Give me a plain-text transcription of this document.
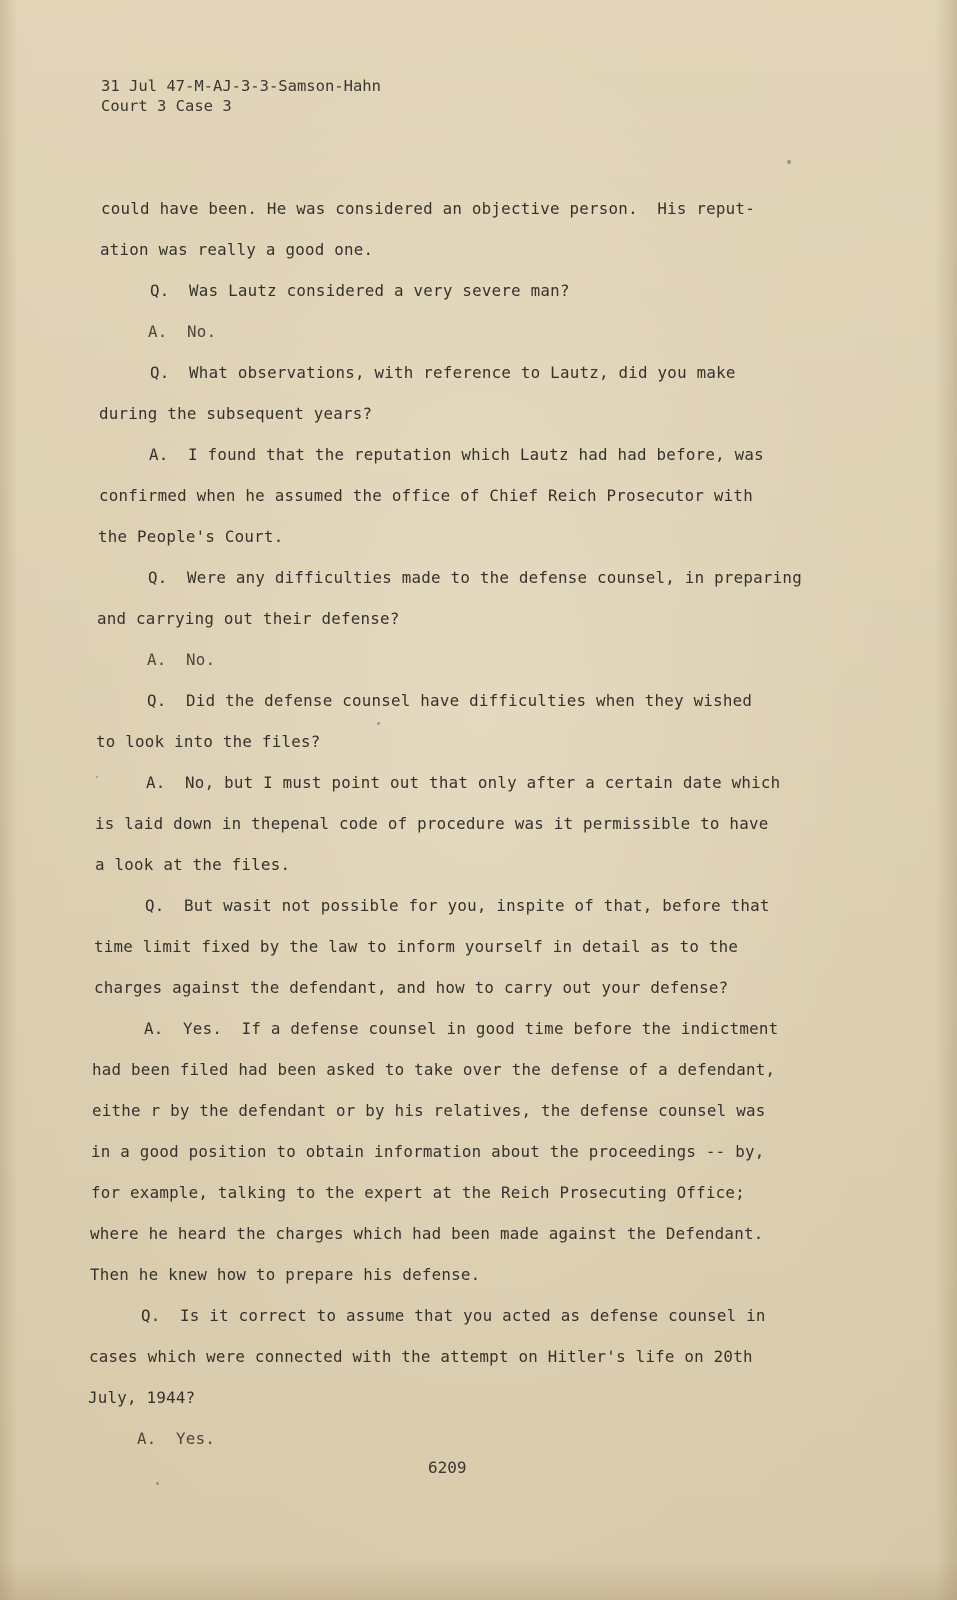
31 Jul 47-M-AJ-3-3-Samson-Hahn
Court 3 Case 3
could have been. He was considered an objective person.  His reput-
ation was really a good one.
Q.  Was Lautz considered a very severe man?
A.  No.
Q.  What observations, with reference to Lautz, did you make
during the subsequent years?
A.  I found that the reputation which Lautz had had before, was
confirmed when he assumed the office of Chief Reich Prosecutor with
the People's Court.
Q.  Were any difficulties made to the defense counsel, in preparing
and carrying out their defense?
A.  No.
Q.  Did the defense counsel have difficulties when they wished
to look into the files?
A.  No, but I must point out that only after a certain date which
is laid down in thepenal code of procedure was it permissible to have
a look at the files.
Q.  But wasit not possible for you, inspite of that, before that
time limit fixed by the law to inform yourself in detail as to the
charges against the defendant, and how to carry out your defense?
A.  Yes.  If a defense counsel in good time before the indictment
had been filed had been asked to take over the defense of a defendant,
eithe r by the defendant or by his relatives, the defense counsel was
in a good position to obtain information about the proceedings -- by,
for example, talking to the expert at the Reich Prosecuting Office;
where he heard the charges which had been made against the Defendant.
Then he knew how to prepare his defense.
Q.  Is it correct to assume that you acted as defense counsel in
cases which were connected with the attempt on Hitler's life on 20th
July, 1944?
A.  Yes.
6209
